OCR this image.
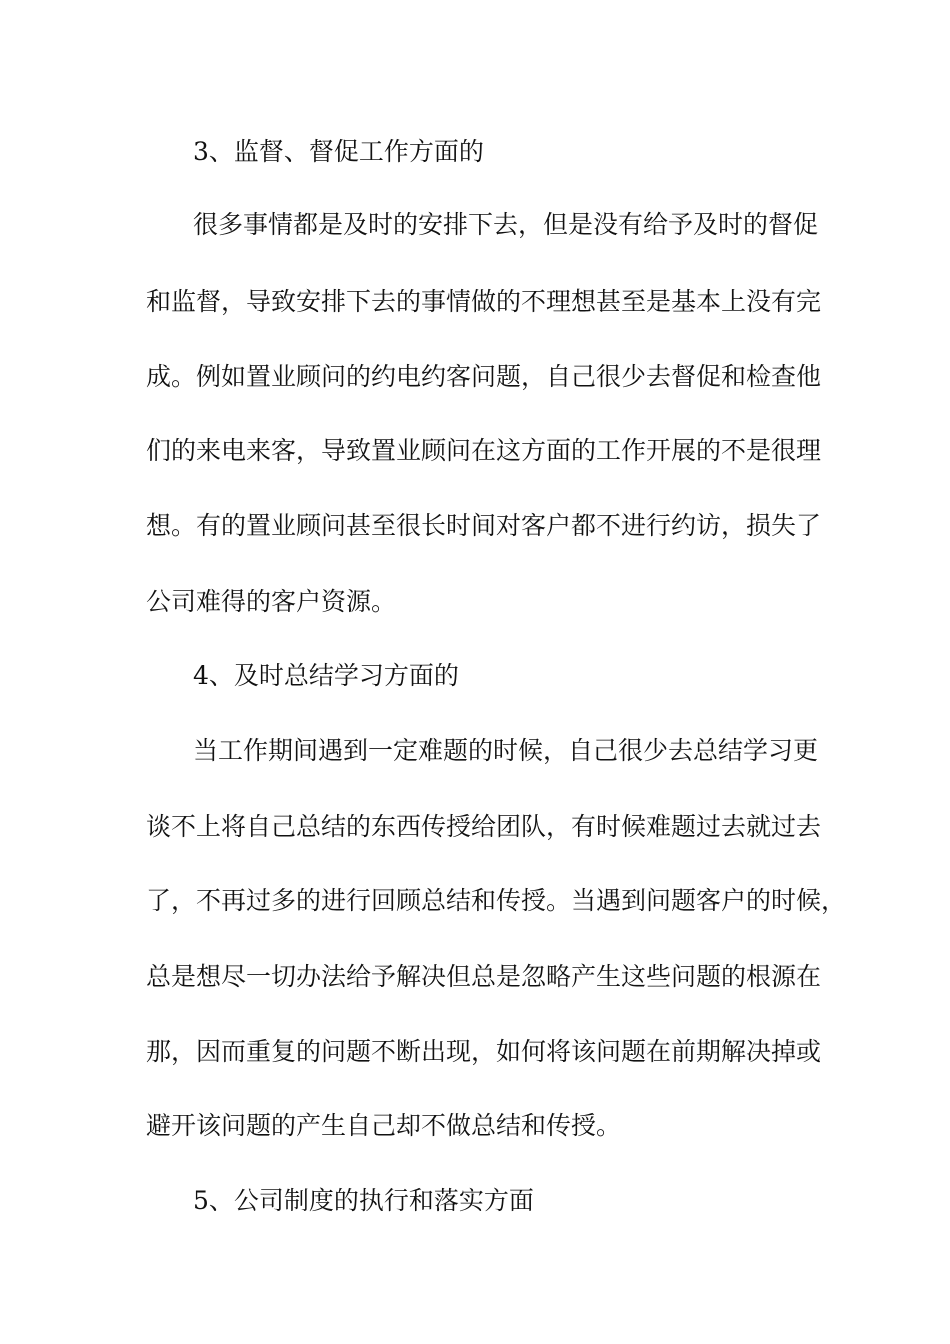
3、监督、督促工作方面的
很多事情都是及时的安排下去，但是没有给予及时的督促
和监督，导致安排下去的事情做的不理想甚至是基本上没有完
成。例如置业顾问的约电约客问题，自己很少去督促和检查他
们的来电来客，导致置业顾问在这方面的工作开展的不是很理
想。有的置业顾问甚至很长时间对客户都不进行约访，损失了
公司难得的客户资源。
4、及时总结学习方面的
当工作期间遇到一定难题的时候，自己很少去总结学习更
谈不上将自己总结的东西传授给团队，有时候难题过去就过去
了，不再过多的进行回顾总结和传授。当遇到问题客户的时候，
总是想尽一切办法给予解决但总是忽略产生这些问题的根源在
那，因而重复的问题不断出现，如何将该问题在前期解决掉或
避开该问题的产生自己却不做总结和传授。
5、公司制度的执行和落实方面
